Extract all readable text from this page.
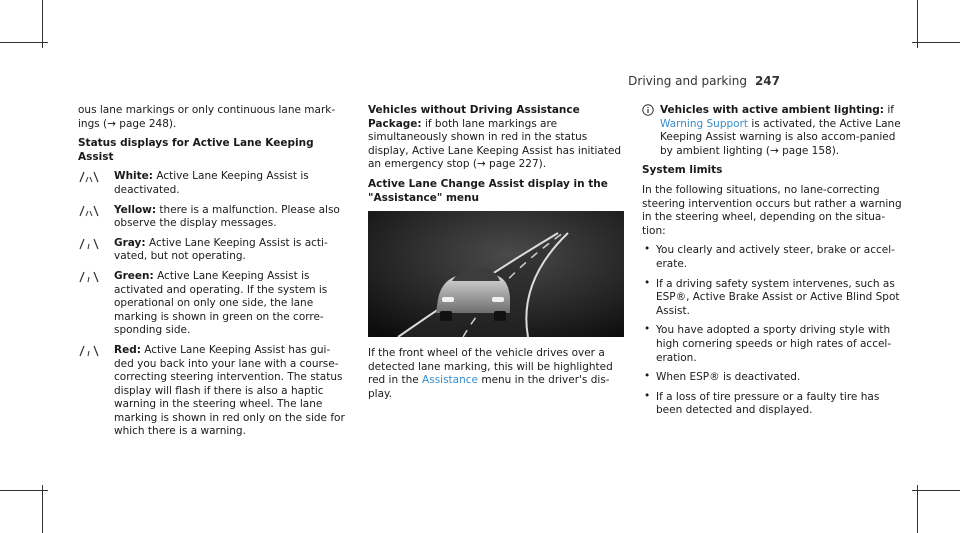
Driving and parking 247

ous lane markings or only continuous lane mark-ings (→ page 248).

Status displays for Active Lane Keeping Assist

White: Active Lane Keeping Assist is deactivated.
Yellow: there is a malfunction. Please also observe the display messages.
Gray: Active Lane Keeping Assist is acti-vated, but not operating.
Green: Active Lane Keeping Assist is activated and operating. If the system is operational on only one side, the lane marking is shown in green on the corre-sponding side.
Red: Active Lane Keeping Assist has gui-ded you back into your lane with a course-correcting steering intervention. The status display will flash if there is also a haptic warning in the steering wheel. The lane marking is shown in red only on the side for which there is a warning.

Vehicles without Driving Assistance Package: if both lane markings are simultaneously shown in red in the status display, Active Lane Keeping Assist has initiated an emergency stop (→ page 227).

Active Lane Change Assist display in the "Assistance" menu

If the front wheel of the vehicle drives over a detected lane marking, this will be highlighted red in the Assistance menu in the driver's dis-play.

Vehicles with active ambient lighting: if Warning Support is activated, the Active Lane Keeping Assist warning is also accom-panied by ambient lighting (→ page 158).

System limits

In the following situations, no lane-correcting steering intervention occurs but rather a warning in the steering wheel, depending on the situa-tion:

• You clearly and actively steer, brake or accel-erate.
• If a driving safety system intervenes, such as ESP®, Active Brake Assist or Active Blind Spot Assist.
• You have adopted a sporty driving style with high cornering speeds or high rates of accel-eration.
• When ESP® is deactivated.
• If a loss of tire pressure or a faulty tire has been detected and displayed.
